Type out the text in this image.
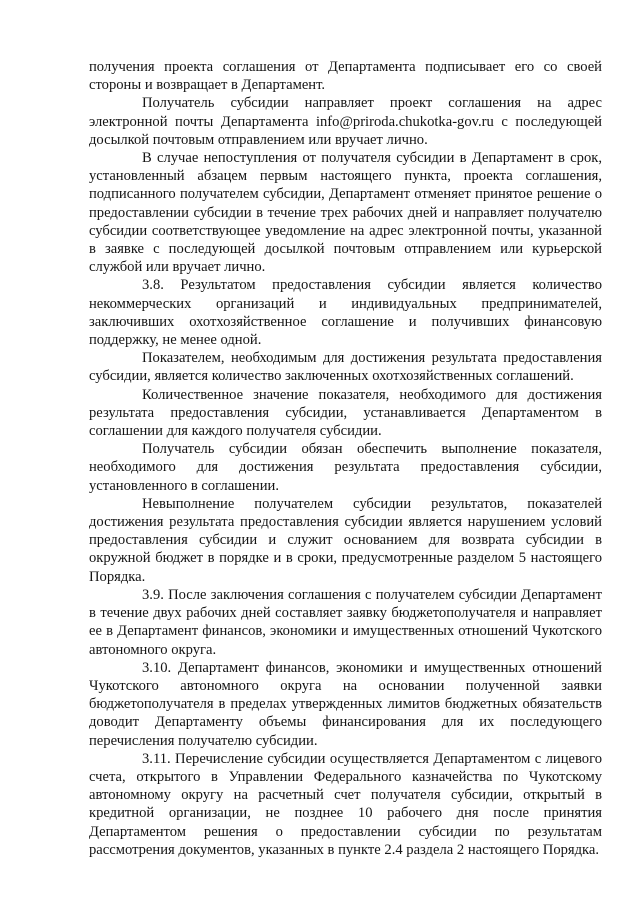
получения проекта соглашения от Департамента подписывает его со своей стороны и возвращает в Департамент.

Получатель субсидии направляет проект соглашения на адрес электронной почты Департамента info@priroda.chukotka-gov.ru с последующей досылкой почтовым отправлением или вручает лично.

В случае непоступления от получателя субсидии в Департамент в срок, установленный абзацем первым настоящего пункта, проекта соглашения, подписанного получателем субсидии, Департамент отменяет принятое решение о предоставлении субсидии в течение трех рабочих дней и направляет получателю субсидии соответствующее уведомление на адрес электронной почты, указанной в заявке с последующей досылкой почтовым отправлением или курьерской службой или вручает лично.

3.8. Результатом предоставления субсидии является количество некоммерческих организаций и индивидуальных предпринимателей, заключивших охотхозяйственное соглашение и получивших финансовую поддержку, не менее одной.

Показателем, необходимым для достижения результата предоставления субсидии, является количество заключенных охотхозяйственных соглашений.

Количественное значение показателя, необходимого для достижения результата предоставления субсидии, устанавливается Департаментом в соглашении для каждого получателя субсидии.

Получатель субсидии обязан обеспечить выполнение показателя, необходимого для достижения результата предоставления субсидии, установленного в соглашении.

Невыполнение получателем субсидии результатов, показателей достижения результата предоставления субсидии является нарушением условий предоставления субсидии и служит основанием для возврата субсидии в окружной бюджет в порядке и в сроки, предусмотренные разделом 5 настоящего Порядка.

3.9. После заключения соглашения с получателем субсидии Департамент в течение двух рабочих дней составляет заявку бюджетополучателя и направляет ее в Департамент финансов, экономики и имущественных отношений Чукотского автономного округа.

3.10. Департамент финансов, экономики и имущественных отношений Чукотского автономного округа на основании полученной заявки бюджетополучателя в пределах утвержденных лимитов бюджетных обязательств доводит Департаменту объемы финансирования для их последующего перечисления получателю субсидии.

3.11. Перечисление субсидии осуществляется Департаментом с лицевого счета, открытого в Управлении Федерального казначейства по Чукотскому автономному округу на расчетный счет получателя субсидии, открытый в кредитной организации, не позднее 10 рабочего дня после принятия Департаментом решения о предоставлении субсидии по результатам рассмотрения документов, указанных в пункте 2.4 раздела 2 настоящего Порядка.
